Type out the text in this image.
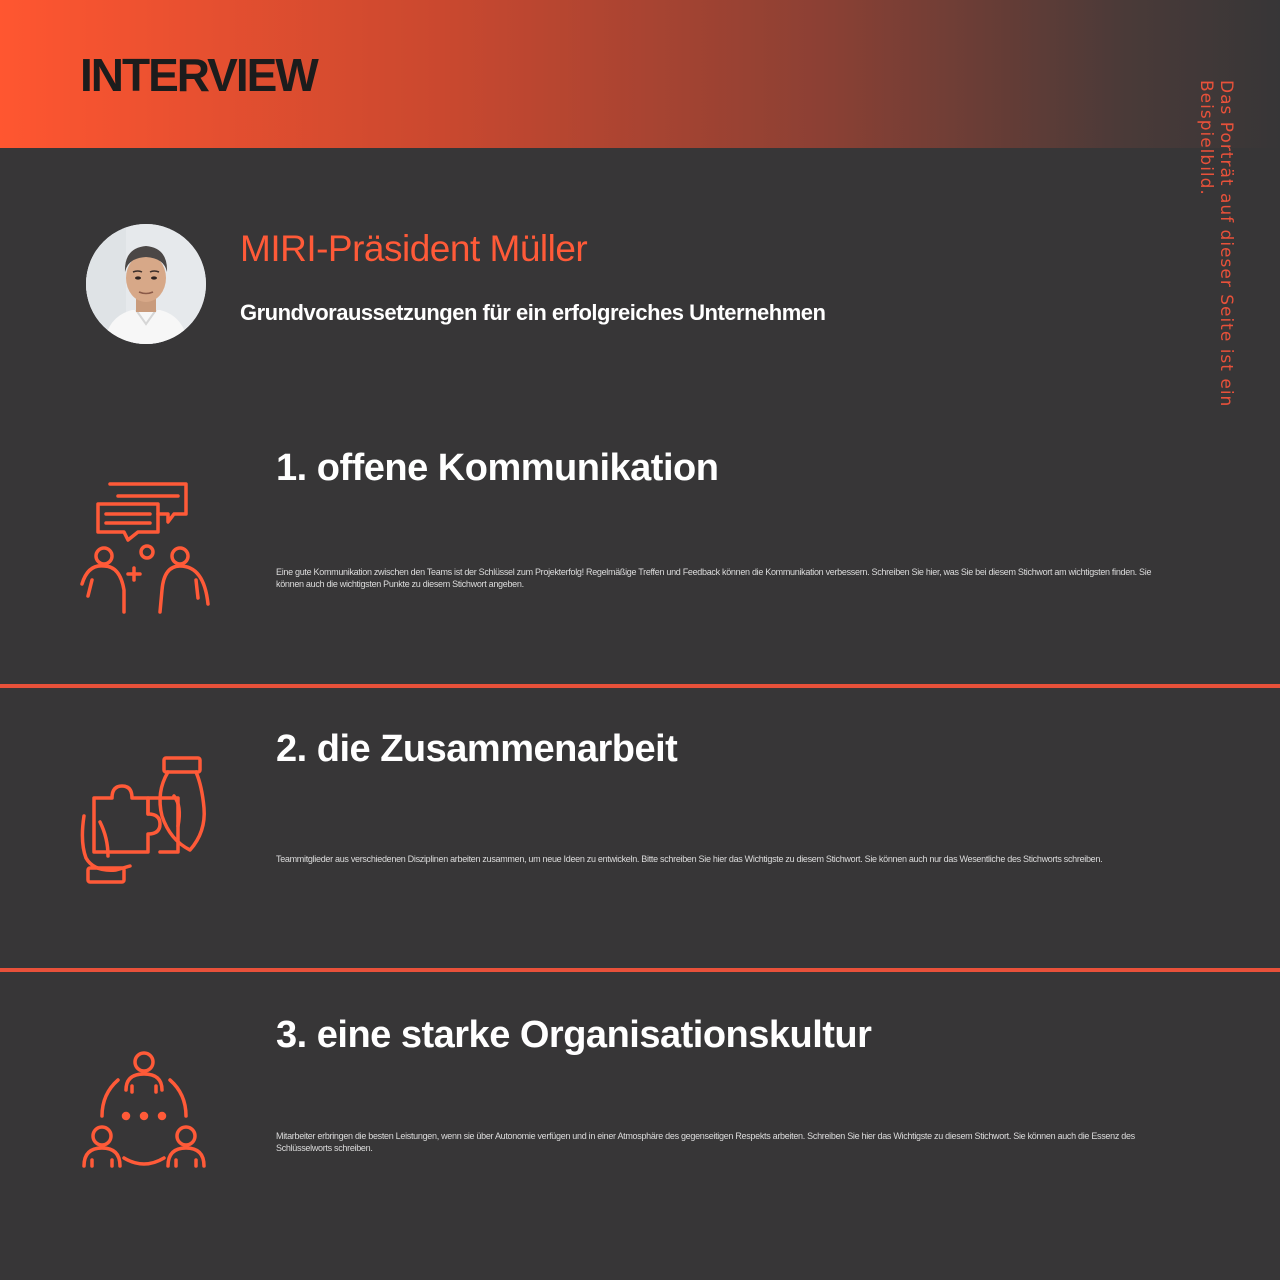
INTERVIEW
Das Porträt auf dieser Seite ist ein Beispielbild.
MIRI-Präsident Müller
Grundvoraussetzungen für ein erfolgreiches Unternehmen
1. offene Kommunikation
Eine gute Kommunikation zwischen den Teams ist der Schlüssel zum Projekterfolg! Regelmäßige Treffen und Feedback können die Kommunikation verbessern. Schreiben Sie hier, was Sie bei diesem Stichwort am wichtigsten finden. Sie können auch die wichtigsten Punkte zu diesem Stichwort angeben.
2. die Zusammenarbeit
Teammitglieder aus verschiedenen Disziplinen arbeiten zusammen, um neue Ideen zu entwickeln. Bitte schreiben Sie hier das Wichtigste zu diesem Stichwort. Sie können auch nur das Wesentliche des Stichworts schreiben.
3. eine starke Organisationskultur
Mitarbeiter erbringen die besten Leistungen, wenn sie über Autonomie verfügen und in einer Atmosphäre des gegenseitigen Respekts arbeiten. Schreiben Sie hier das Wichtigste zu diesem Stichwort. Sie können auch die Essenz des Schlüsselworts schreiben.
